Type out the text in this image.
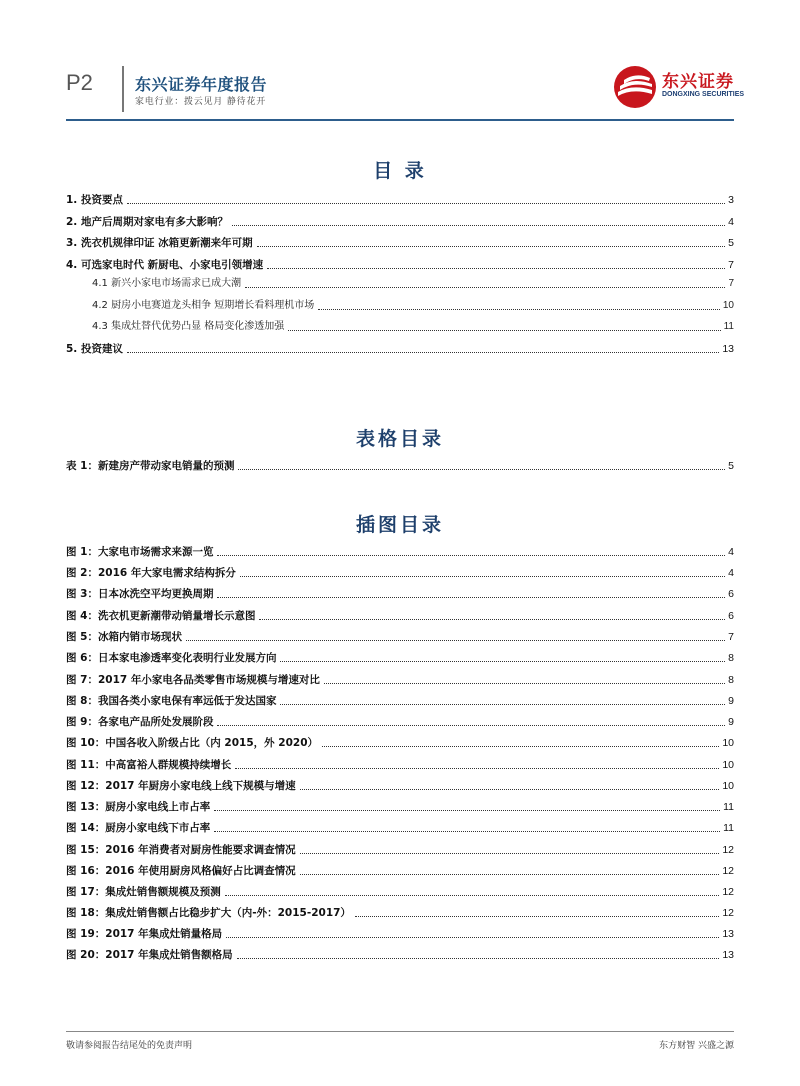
P2	东兴证券年度报告
家电行业：拨云见月 静待花开
东兴证券
DONGXING SECURITIES
目 录
1. 投资要点	3
2. 地产后周期对家电有多大影响？	4
3. 洗衣机规律印证 冰箱更新潮来年可期	5
4. 可选家电时代 新厨电、小家电引领增速	7
4.1 新兴小家电市场需求已成大潮	7
4.2 厨房小电赛道龙头相争 短期增长看料理机市场	10
4.3 集成灶替代优势凸显 格局变化渗透加强	11
5. 投资建议	13
表格目录
表 1：新建房产带动家电销量的预测	5
插图目录
图 1：大家电市场需求来源一览	4
图 2：2016 年大家电需求结构拆分	4
图 3：日本冰洗空平均更换周期	6
图 4：洗衣机更新潮带动销量增长示意图	6
图 5：冰箱内销市场现状	7
图 6：日本家电渗透率变化表明行业发展方向	8
图 7：2017 年小家电各品类零售市场规模与增速对比	8
图 8：我国各类小家电保有率远低于发达国家	9
图 9：各家电产品所处发展阶段	9
图 10：中国各收入阶级占比（内 2015，外 2020）	10
图 11：中高富裕人群规模持续增长	10
图 12：2017 年厨房小家电线上线下规模与增速	10
图 13：厨房小家电线上市占率	11
图 14：厨房小家电线下市占率	11
图 15：2016 年消费者对厨房性能要求调查情况	12
图 16：2016 年使用厨房风格偏好占比调查情况	12
图 17：集成灶销售额规模及预测	12
图 18：集成灶销售额占比稳步扩大（内-外：2015-2017）	12
图 19：2017 年集成灶销量格局	13
图 20：2017 年集成灶销售额格局	13
敬请参阅报告结尾处的免责声明	东方财智 兴盛之源
